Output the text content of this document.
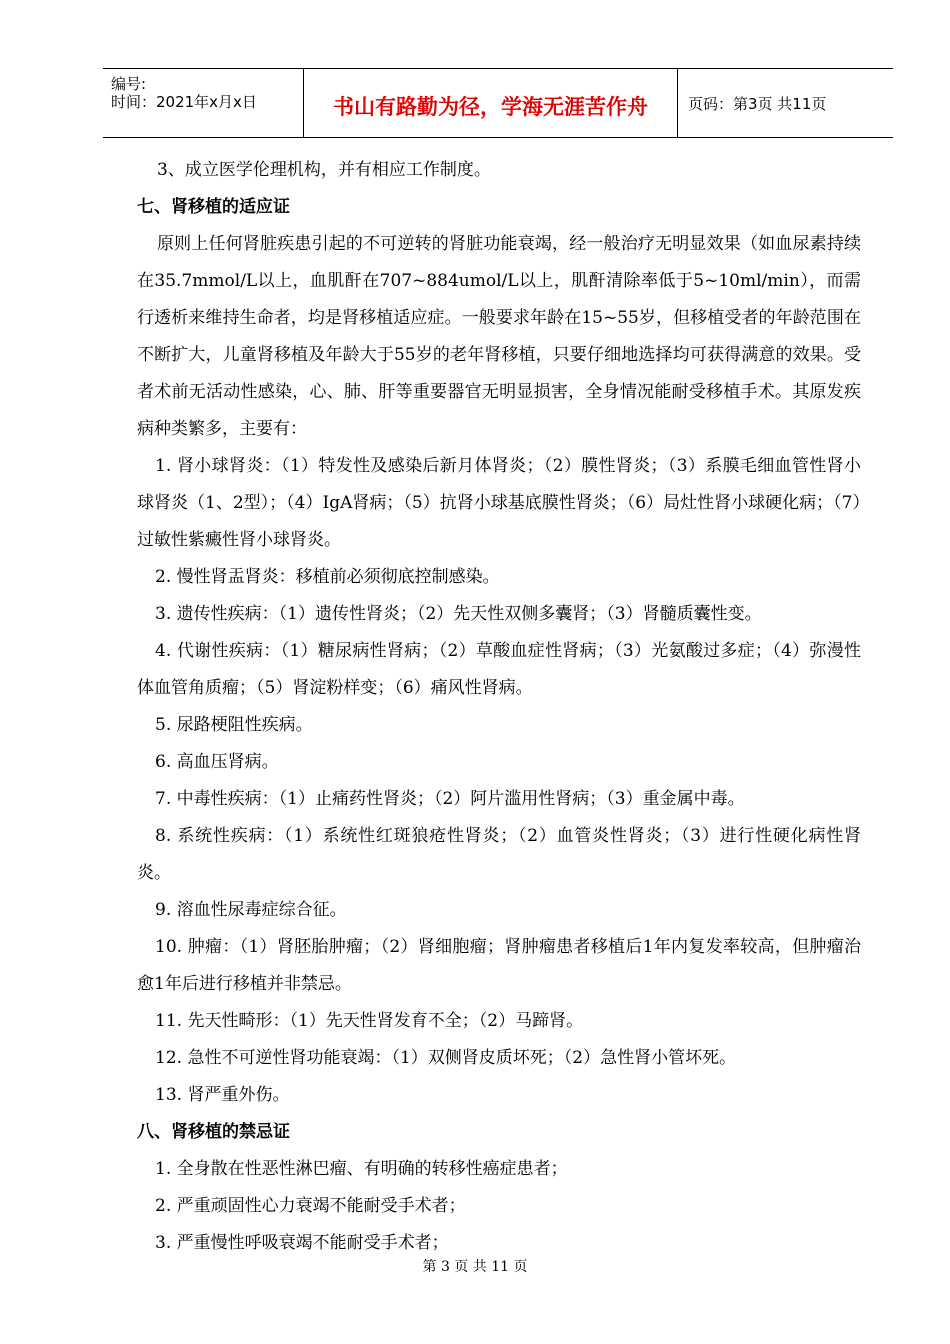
编号:
时间：2021年x月x日	书山有路勤为径，学海无涯苦作舟	页码：第3页 共11页

3、成立医学伦理机构，并有相应工作制度。

七、肾移植的适应证

原则上任何肾脏疾患引起的不可逆转的肾脏功能衰竭，经一般治疗无明显效果（如血尿素持续在35.7mmol/L以上，血肌酐在707~884umol/L以上，肌酐清除率低于5~10ml/min），而需行透析来维持生命者，均是肾移植适应症。一般要求年龄在15~55岁，但移植受者的年龄范围在不断扩大，儿童肾移植及年龄大于55岁的老年肾移植，只要仔细地选择均可获得满意的效果。受者术前无活动性感染，心、肺、肝等重要器官无明显损害，全身情况能耐受移植手术。其原发疾病种类繁多，主要有：

1. 肾小球肾炎：（1）特发性及感染后新月体肾炎；（2）膜性肾炎；（3）系膜毛细血管性肾小球肾炎（1、2型）；（4）IgA肾病；（5）抗肾小球基底膜性肾炎；（6）局灶性肾小球硬化病；（7）过敏性紫癜性肾小球肾炎。

2. 慢性肾盂肾炎：移植前必须彻底控制感染。

3. 遗传性疾病：（1）遗传性肾炎；（2）先天性双侧多囊肾；（3）肾髓质囊性变。

4. 代谢性疾病：（1）糖尿病性肾病；（2）草酸血症性肾病；（3）光氨酸过多症；（4）弥漫性体血管角质瘤；（5）肾淀粉样变；（6）痛风性肾病。

5. 尿路梗阻性疾病。

6. 高血压肾病。

7. 中毒性疾病：（1）止痛药性肾炎；（2）阿片滥用性肾病；（3）重金属中毒。

8. 系统性疾病：（1）系统性红斑狼疮性肾炎；（2）血管炎性肾炎；（3）进行性硬化病性肾炎。

9. 溶血性尿毒症综合征。

10. 肿瘤：（1）肾胚胎肿瘤；（2）肾细胞瘤；肾肿瘤患者移植后1年内复发率较高，但肿瘤治愈1年后进行移植并非禁忌。

11. 先天性畸形：（1）先天性肾发育不全；（2）马蹄肾。

12. 急性不可逆性肾功能衰竭：（1）双侧肾皮质坏死；（2）急性肾小管坏死。

13. 肾严重外伤。

八、肾移植的禁忌证

1. 全身散在性恶性淋巴瘤、有明确的转移性癌症患者；

2. 严重顽固性心力衰竭不能耐受手术者；

3. 严重慢性呼吸衰竭不能耐受手术者；

第 3 页 共 11 页
